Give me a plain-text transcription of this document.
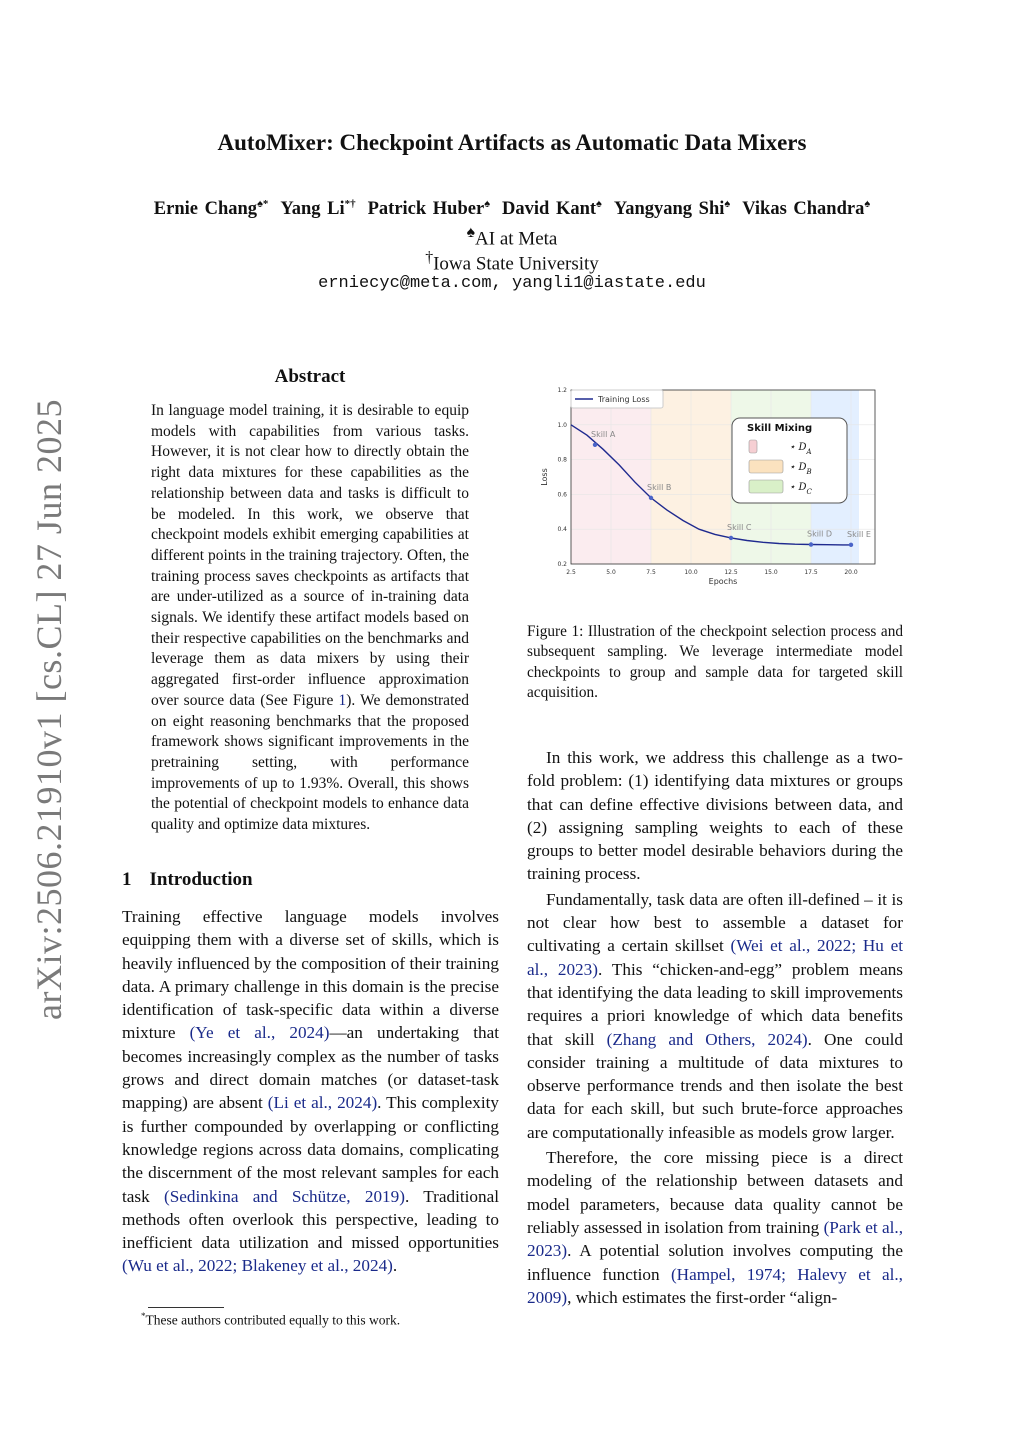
arXiv:2506.21910v1 [cs.CL] 27 Jun 2025
AutoMixer: Checkpoint Artifacts as Automatic Data Mixers
Ernie Chang♠* Yang Li*† Patrick Huber♠ David Kant♠ Yangyang Shi♠ Vikas Chandra♠
♠AI at Meta
†Iowa State University
erniecyc@meta.com, yangli1@iastate.edu
Abstract
In language model training, it is desirable to equip models with capabilities from various tasks. However, it is not clear how to directly obtain the right data mixtures for these capabilities as the relationship between data and tasks is difficult to be modeled. In this work, we observe that checkpoint models exhibit emerging capabilities at different points in the training trajectory. Often, the training process saves checkpoints as artifacts that are under-utilized as a source of in-training data signals. We identify these artifact models based on their respective capabilities on the benchmarks and leverage them as data mixers by using their aggregated first-order influence approximation over source data (See Figure 1). We demonstrated on eight reasoning benchmarks that the proposed framework shows significant improvements in the pretraining setting, with performance improvements of up to 1.93%. Overall, this shows the potential of checkpoint models to enhance data quality and optimize data mixtures.
1 Introduction

Training effective language models involves equipping them with a diverse set of skills, which is heavily influenced by the composition of their training data. A primary challenge in this domain is the precise identification of task-specific data within a diverse mixture (Ye et al., 2024)—an undertaking that becomes increasingly complex as the number of tasks grows and direct domain matches (or dataset-task mapping) are absent (Li et al., 2024). This complexity is further compounded by overlapping or conflicting knowledge regions across data domains, complicating the discernment of the most relevant samples for each task (Sedinkina and Schütze, 2019). Traditional methods often overlook this perspective, leading to inefficient data utilization and missed opportunities (Wu et al., 2022; Blakeney et al., 2024).

*These authors contributed equally to this work.
2.5	5.0	7.5	10.0	12.5	15.0	17.5	20.0
0.2
0.4
0.6
0.8
1.0
1.2
Epochs
Loss
Skill A
Skill B
Skill C
Skill D Skill E
Training Loss
Skill Mixing
⋆ $D_A$
⋆ $D_B$
⋆ $D_C$
Figure 1: Illustration of the checkpoint selection process and subsequent sampling. We leverage intermediate model checkpoints to group and sample data for targeted skill acquisition.

In this work, we address this challenge as a two-fold problem: (1) identifying data mixtures or groups that can define effective divisions between data, and (2) assigning sampling weights to each of these groups to better model desirable behaviors during the training process.

Fundamentally, task data are often ill-defined – it is not clear how best to assemble a dataset for cultivating a certain skillset (Wei et al., 2022; Hu et al., 2023). This “chicken-and-egg” problem means that identifying the data leading to skill improvements requires a priori knowledge of which data benefits that skill (Zhang and Others, 2024). One could consider training a multitude of data mixtures to observe performance trends and then isolate the best data for each skill, but such brute-force approaches are computationally infeasible as models grow larger.

Therefore, the core missing piece is a direct modeling of the relationship between datasets and model parameters, because data quality cannot be reliably assessed in isolation from training (Park et al., 2023). A potential solution involves computing the influence function (Hampel, 1974; Halevy et al., 2009), which estimates the first-order “align-
